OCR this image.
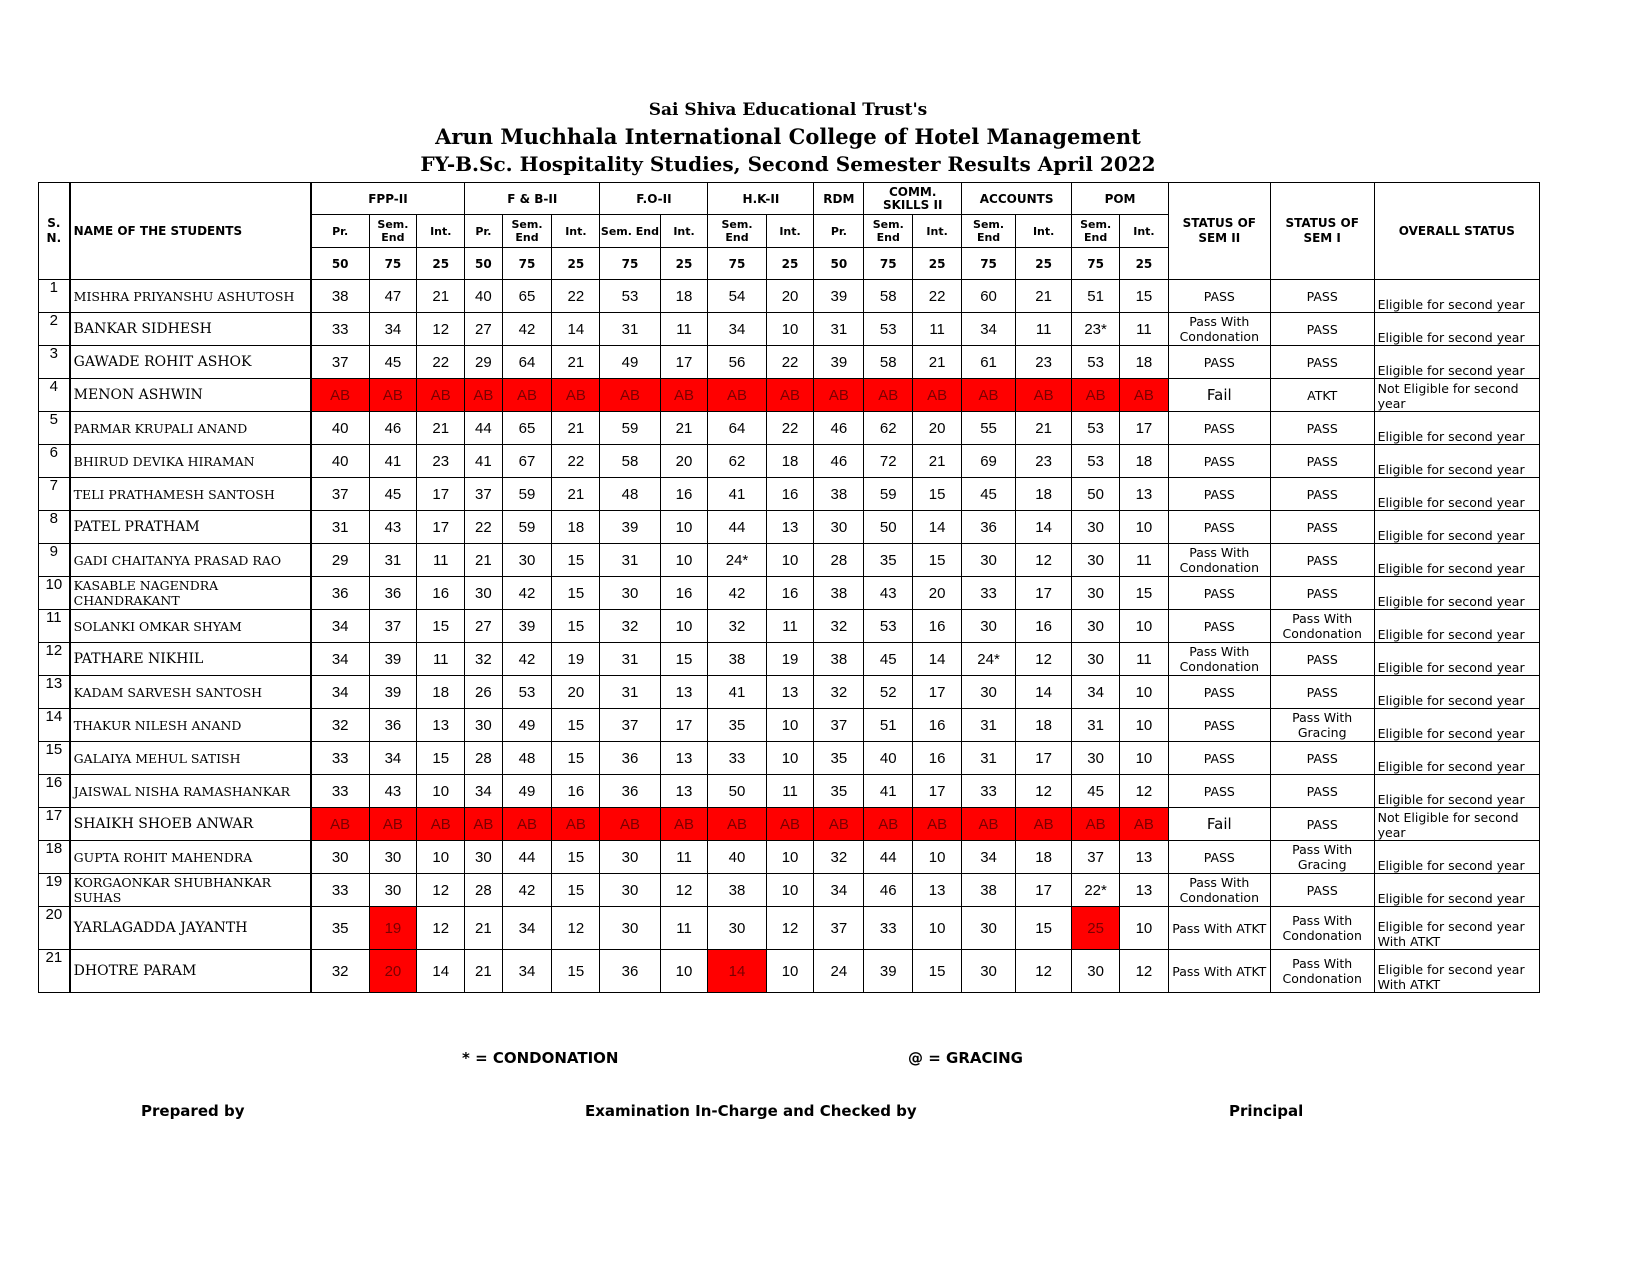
Sai Shiva Educational Trust's
Arun Muchhala International College of Hotel Management
FY-B.Sc. Hospitality Studies, Second Semester Results April 2022
S. N.	NAME OF THE STUDENTS	FPP-II			F & B-II			F.O-II		H.K-II		RDM	COMM. SKILLS II		ACCOUNTS		POM		STATUS OF SEM II	STATUS OF SEM I	OVERALL STATUS
		Pr.	Sem. End	Int.	Pr.	Sem. End	Int.	Sem. End	Int.	Sem. End	Int.	Pr.	Sem. End	Int.	Sem. End	Int.	Sem. End	Int.			
		50	75	25	50	75	25	75	25	75	25	50	75	25	75	25	75	25			
1	MISHRA PRIYANSHU ASHUTOSH	38	47	21	40	65	22	53	18	54	20	39	58	22	60	21	51	15	PASS	PASS	Eligible for second year
2	BANKAR SIDHESH	33	34	12	27	42	14	31	11	34	10	31	53	11	34	11	23*	11	Pass With Condonation	PASS	Eligible for second year
3	GAWADE ROHIT ASHOK	37	45	22	29	64	21	49	17	56	22	39	58	21	61	23	53	18	PASS	PASS	Eligible for second year
4	MENON ASHWIN	AB	AB	AB	AB	AB	AB	AB	AB	AB	AB	AB	AB	AB	AB	AB	AB	AB	Fail	ATKT	Not Eligible for second year
5	PARMAR KRUPALI ANAND	40	46	21	44	65	21	59	21	64	22	46	62	20	55	21	53	17	PASS	PASS	Eligible for second year
6	BHIRUD DEVIKA HIRAMAN	40	41	23	41	67	22	58	20	62	18	46	72	21	69	23	53	18	PASS	PASS	Eligible for second year
7	TELI PRATHAMESH SANTOSH	37	45	17	37	59	21	48	16	41	16	38	59	15	45	18	50	13	PASS	PASS	Eligible for second year
8	PATEL PRATHAM	31	43	17	22	59	18	39	10	44	13	30	50	14	36	14	30	10	PASS	PASS	Eligible for second year
9	GADI CHAITANYA PRASAD RAO	29	31	11	21	30	15	31	10	24*	10	28	35	15	30	12	30	11	Pass With Condonation	PASS	Eligible for second year
10	KASABLE NAGENDRA CHANDRAKANT	36	36	16	30	42	15	30	16	42	16	38	43	20	33	17	30	15	PASS	PASS	Eligible for second year
11	SOLANKI OMKAR SHYAM	34	37	15	27	39	15	32	10	32	11	32	53	16	30	16	30	10	PASS	Pass With Condonation	Eligible for second year
12	PATHARE NIKHIL	34	39	11	32	42	19	31	15	38	19	38	45	14	24*	12	30	11	Pass With Condonation	PASS	Eligible for second year
13	KADAM SARVESH SANTOSH	34	39	18	26	53	20	31	13	41	13	32	52	17	30	14	34	10	PASS	PASS	Eligible for second year
14	THAKUR NILESH ANAND	32	36	13	30	49	15	37	17	35	10	37	51	16	31	18	31	10	PASS	Pass With Gracing	Eligible for second year
15	GALAIYA MEHUL SATISH	33	34	15	28	48	15	36	13	33	10	35	40	16	31	17	30	10	PASS	PASS	Eligible for second year
16	JAISWAL NISHA RAMASHANKAR	33	43	10	34	49	16	36	13	50	11	35	41	17	33	12	45	12	PASS	PASS	Eligible for second year
17	SHAIKH SHOEB ANWAR	AB	AB	AB	AB	AB	AB	AB	AB	AB	AB	AB	AB	AB	AB	AB	AB	AB	Fail	PASS	Not Eligible for second year
18	GUPTA ROHIT MAHENDRA	30	30	10	30	44	15	30	11	40	10	32	44	10	34	18	37	13	PASS	Pass With Gracing	Eligible for second year
19	KORGAONKAR SHUBHANKAR SUHAS	33	30	12	28	42	15	30	12	38	10	34	46	13	38	17	22*	13	Pass With Condonation	PASS	Eligible for second year
20	YARLAGADDA JAYANTH	35	19	12	21	34	12	30	11	30	12	37	33	10	30	15	25	10	Pass With ATKT	Pass With Condonation	Eligible for second year With ATKT
21	DHOTRE PARAM	32	20	14	21	34	15	36	10	14	10	24	39	15	30	12	30	12	Pass With ATKT	Pass With Condonation	Eligible for second year With ATKT
* = CONDONATION	@ = GRACING
Prepared by	Examination In-Charge and Checked by	Principal
